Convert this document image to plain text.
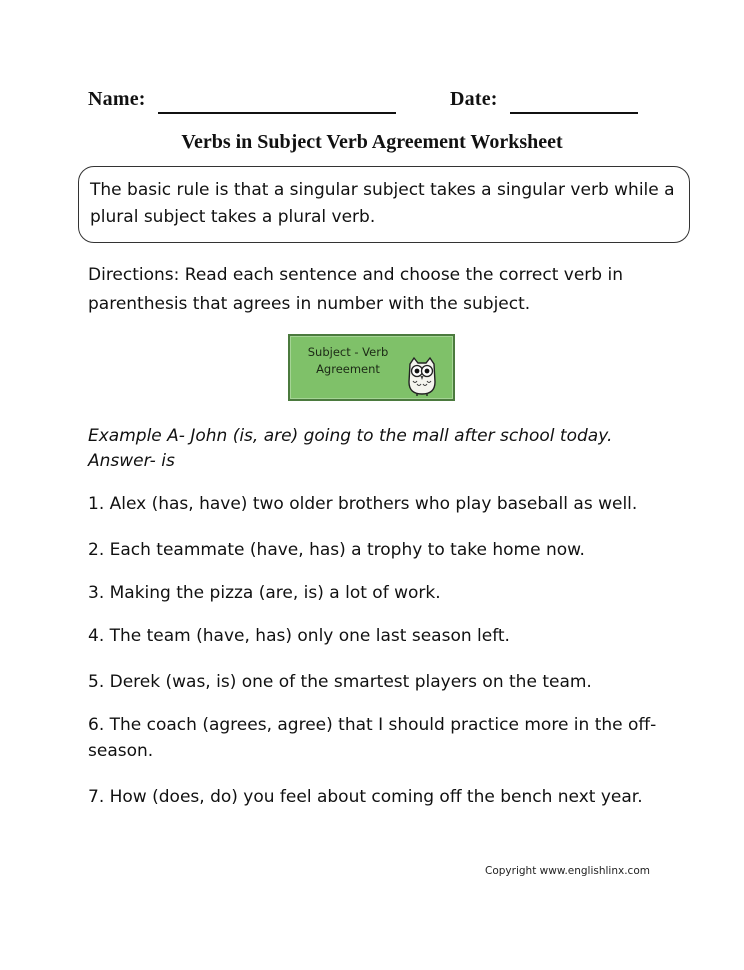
Name:	Date:
Verbs in Subject Verb Agreement Worksheet
The basic rule is that a singular subject takes a singular verb while a plural subject takes a plural verb.
Directions: Read each sentence and choose the correct verb in parenthesis that agrees in number with the subject.
Subject - Verb
Agreement
Example A- John (is, are) going to the mall after school today.
Answer- is
1. Alex (has, have) two older brothers who play baseball as well.
2. Each teammate (have, has) a trophy to take home now.
3. Making the pizza (are, is) a lot of work.
4. The team (have, has) only one last season left.
5. Derek (was, is) one of the smartest players on the team.
6. The coach (agrees, agree) that I should practice more in the off-season.
7. How (does, do) you feel about coming off the bench next year.
Copyright www.englishlinx.com
